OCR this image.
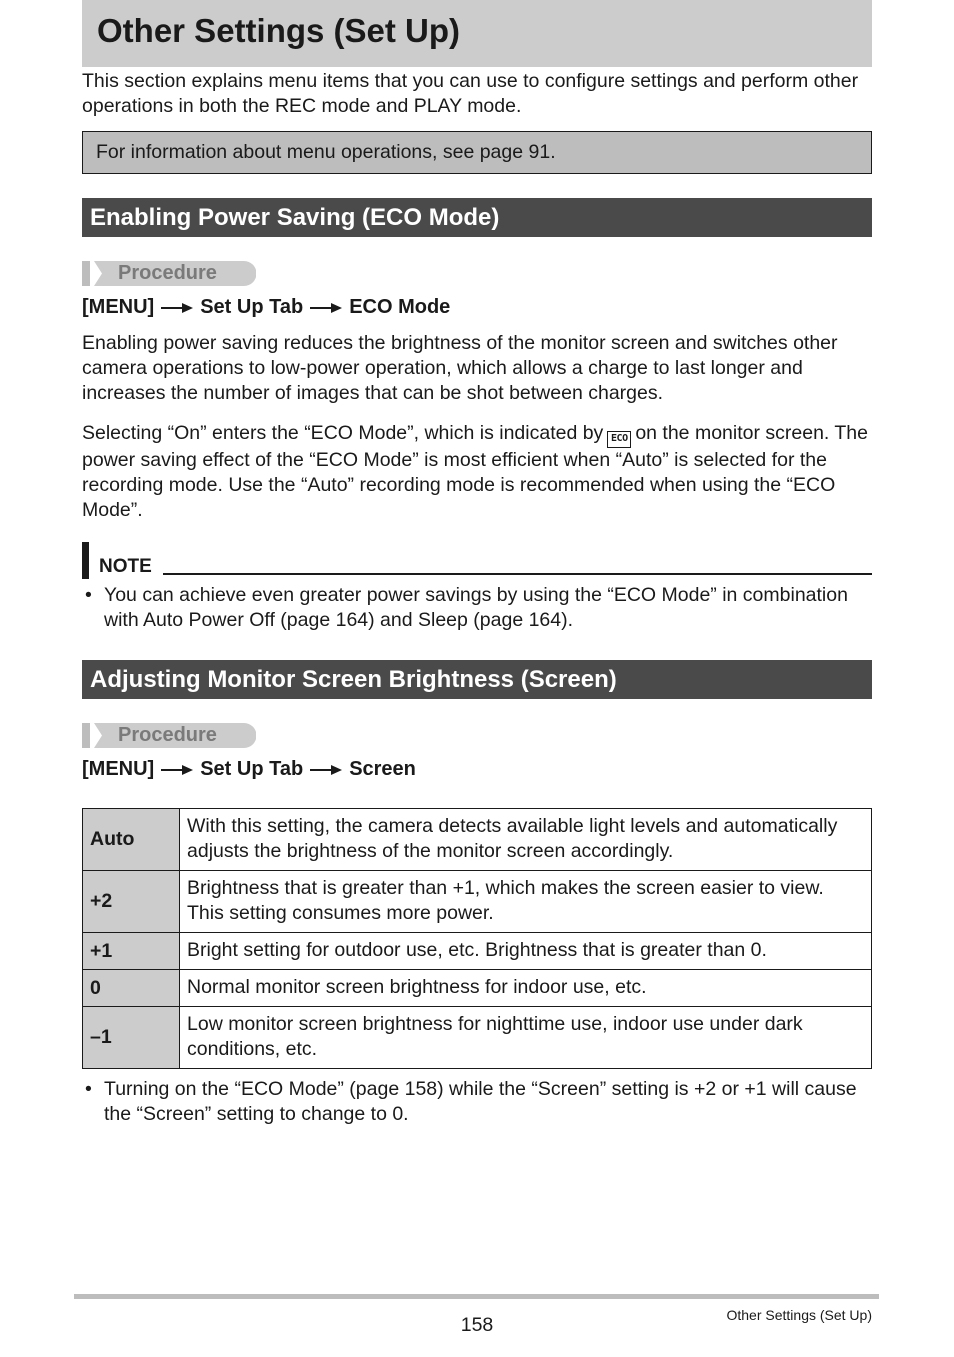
Other Settings (Set Up)
This section explains menu items that you can use to configure settings and perform other operations in both the REC mode and PLAY mode.
For information about menu operations, see page 91.
Enabling Power Saving (ECO Mode)
Procedure
[MENU] Set Up Tab ECO Mode
Enabling power saving reduces the brightness of the monitor screen and switches other camera operations to low-power operation, which allows a charge to last longer and increases the number of images that can be shot between charges.
Selecting “On” enters the “ECO Mode”, which is indicated by ECO on the monitor screen. The power saving effect of the “ECO Mode” is most efficient when “Auto” is selected for the recording mode. Use the “Auto” recording mode is recommended when using the “ECO Mode”.
NOTE
• You can achieve even greater power savings by using the “ECO Mode” in combination with Auto Power Off (page 164) and Sleep (page 164).
Adjusting Monitor Screen Brightness (Screen)
Procedure
[MENU] Set Up Tab Screen
Auto	With this setting, the camera detects available light levels and automatically adjusts the brightness of the monitor screen accordingly.
+2	Brightness that is greater than +1, which makes the screen easier to view. This setting consumes more power.
+1	Bright setting for outdoor use, etc. Brightness that is greater than 0.
0	Normal monitor screen brightness for indoor use, etc.
–1	Low monitor screen brightness for nighttime use, indoor use under dark conditions, etc.
• Turning on the “ECO Mode” (page 158) while the “Screen” setting is +2 or +1 will cause the “Screen” setting to change to 0.
158	Other Settings (Set Up)
